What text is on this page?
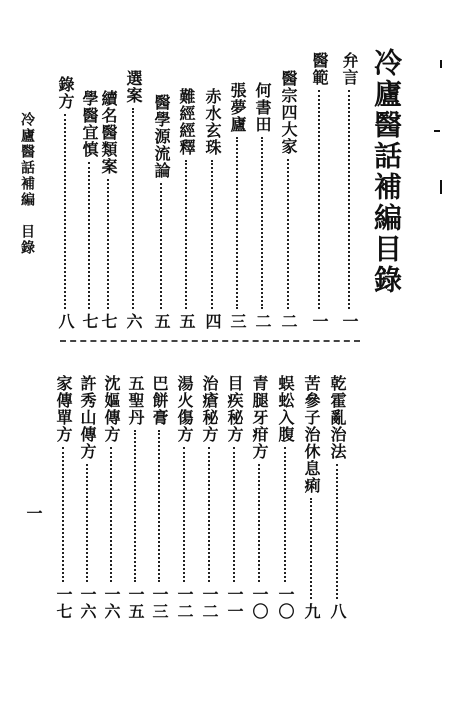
冷廬醫話補編目錄
弁言
一
醫範
一
醫宗四大家
二
何書田
二
張夢廬
三
赤水玄珠
四
難經經釋
五
醫學源流論
五
選案
六
續名醫類案
七
學醫宜慎
七
錄方
八
乾霍亂治法
八
苦參子治休息痢
九
蜈蚣入腹
一〇
青腿牙疳方
一〇
目疾秘方
一一
治瘡秘方
一二
湯火傷方
一二
巴餅膏
一三
五聖丹
一五
沈嫗傳方
一六
許秀山傳方
一六
家傳單方
一七
冷廬醫話補編　目錄
一
